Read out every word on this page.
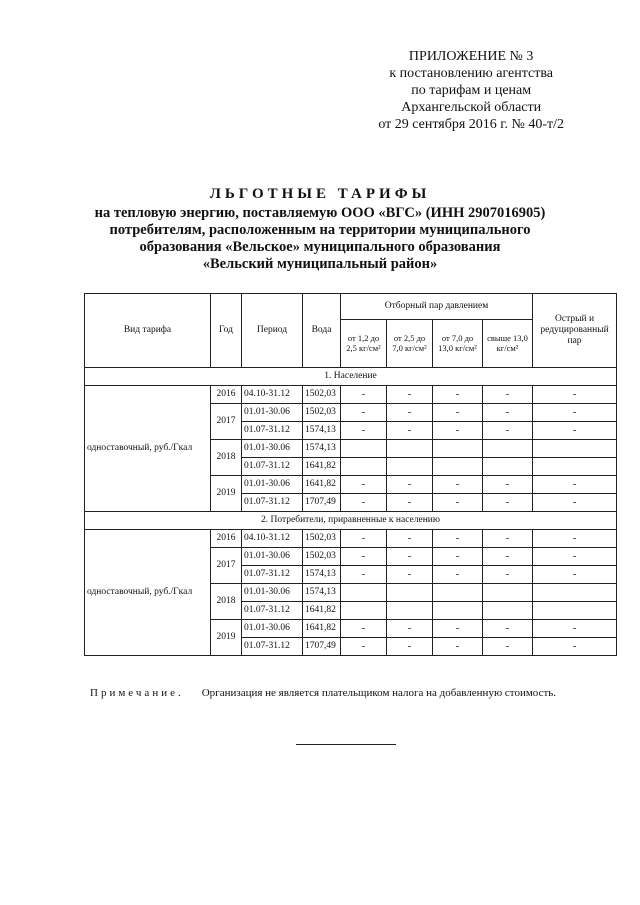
ПРИЛОЖЕНИЕ № 3
к постановлению агентства
по тарифам и ценам
Архангельской области
от 29 сентября 2016 г. № 40-т/2
ЛЬГОТНЫЕ ТАРИФЫ
на тепловую энергию, поставляемую ООО «ВГС» (ИНН 2907016905)
потребителям, расположенным на территории муниципального
образования «Вельское» муниципального образования
«Вельский муниципальный район»
Вид тарифа	Год	Период	Вода	Отборный пар давлением				Острый и редуцированный пар
				от 1,2 до 2,5 кг/см²	от 2,5 до 7,0 кг/см²	от 7,0 до 13,0 кг/см²	свыше 13,0 кг/см²	
1. Население								
одноставочный, руб./Гкал	2016	04.10-31.12	1502,03	-	-	-	-	-
	2017	01.01-30.06	1502,03	-	-	-	-	-
		01.07-31.12	1574,13	-	-	-	-	-
	2018	01.01-30.06	1574,13					
		01.07-31.12	1641,82					
	2019	01.01-30.06	1641,82	-	-	-	-	-
		01.07-31.12	1707,49	-	-	-	-	-
2. Потребители, приравненные к населению								
одноставочный, руб./Гкал	2016	04.10-31.12	1502,03	-	-	-	-	-
	2017	01.01-30.06	1502,03	-	-	-	-	-
		01.07-31.12	1574,13	-	-	-	-	-
	2018	01.01-30.06	1574,13					
		01.07-31.12	1641,82					
	2019	01.01-30.06	1641,82	-	-	-	-	-
		01.07-31.12	1707,49	-	-	-	-	-
Примечание. Организация не является плательщиком налога на добавленную стоимость.
